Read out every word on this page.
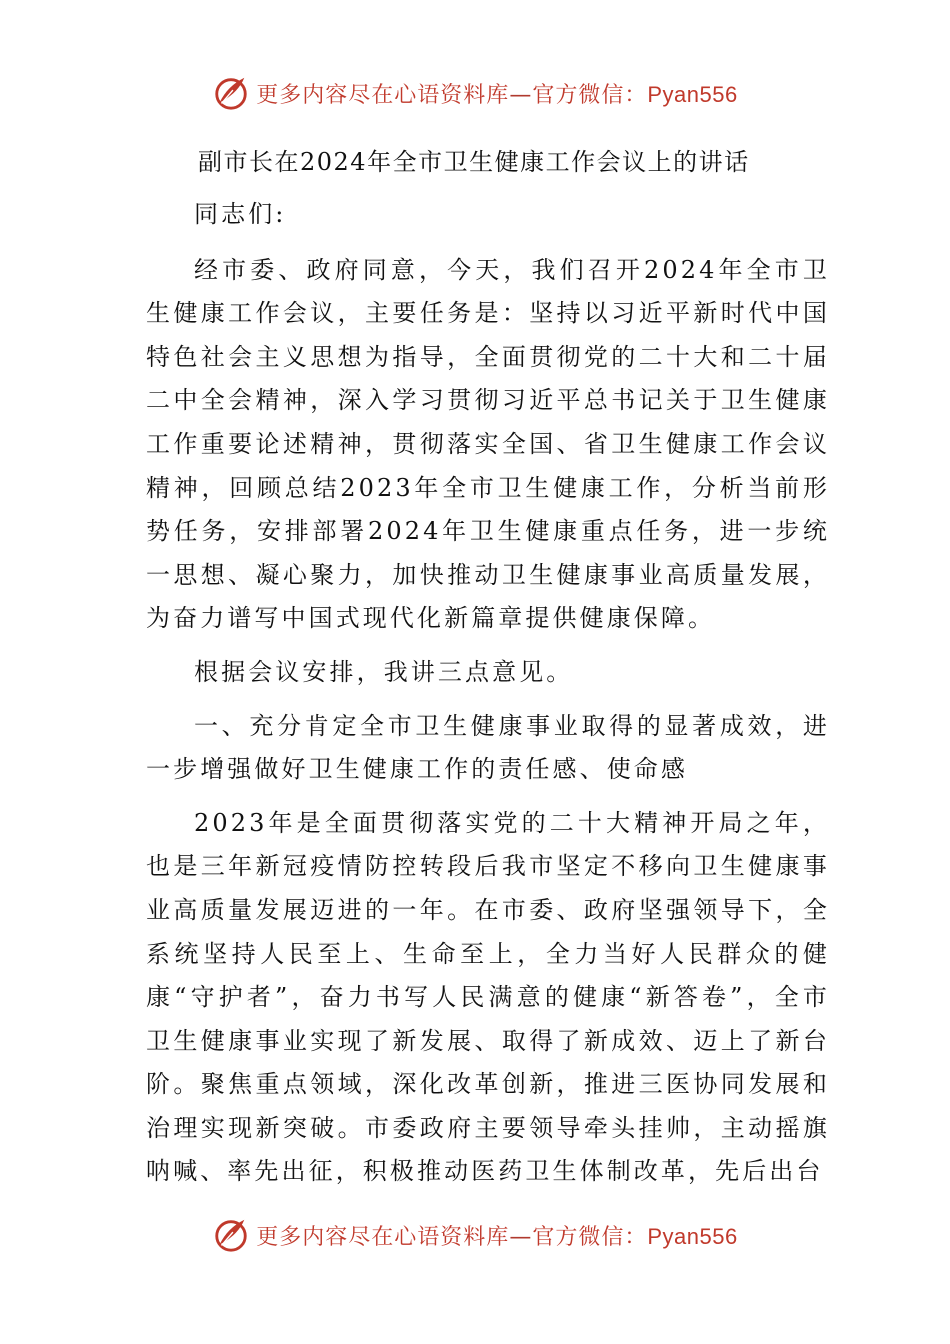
更多内容尽在心语资料库—官方微信：Pyan556
副市长在2024年全市卫生健康工作会议上的讲话

同志们:

经市委、政府同意，今天，我们召开2024年全市卫生健康工作会议，主要任务是：坚持以习近平新时代中国特色社会主义思想为指导，全面贯彻党的二十大和二十届二中全会精神，深入学习贯彻习近平总书记关于卫生健康工作重要论述精神，贯彻落实全国、省卫生健康工作会议精神，回顾总结2023年全市卫生健康工作，分析当前形势任务，安排部署2024年卫生健康重点任务，进一步统一思想、凝心聚力，加快推动卫生健康事业高质量发展，为奋力谱写中国式现代化新篇章提供健康保障。

根据会议安排，我讲三点意见。

一、充分肯定全市卫生健康事业取得的显著成效，进一步增强做好卫生健康工作的责任感、使命感

2023年是全面贯彻落实党的二十大精神开局之年，也是三年新冠疫情防控转段后我市坚定不移向卫生健康事业高质量发展迈进的一年。在市委、政府坚强领导下，全系统坚持人民至上、生命至上，全力当好人民群众的健康“守护者”，奋力书写人民满意的健康“新答卷”，全市卫生健康事业实现了新发展、取得了新成效、迈上了新台阶。聚焦重点领域，深化改革创新，推进三医协同发展和治理实现新突破。市委政府主要领导牵头挂帅，主动摇旗呐喊、率先出征，积极推动医药卫生体制改革，先后出台

更多内容尽在心语资料库—官方微信：Pyan556
